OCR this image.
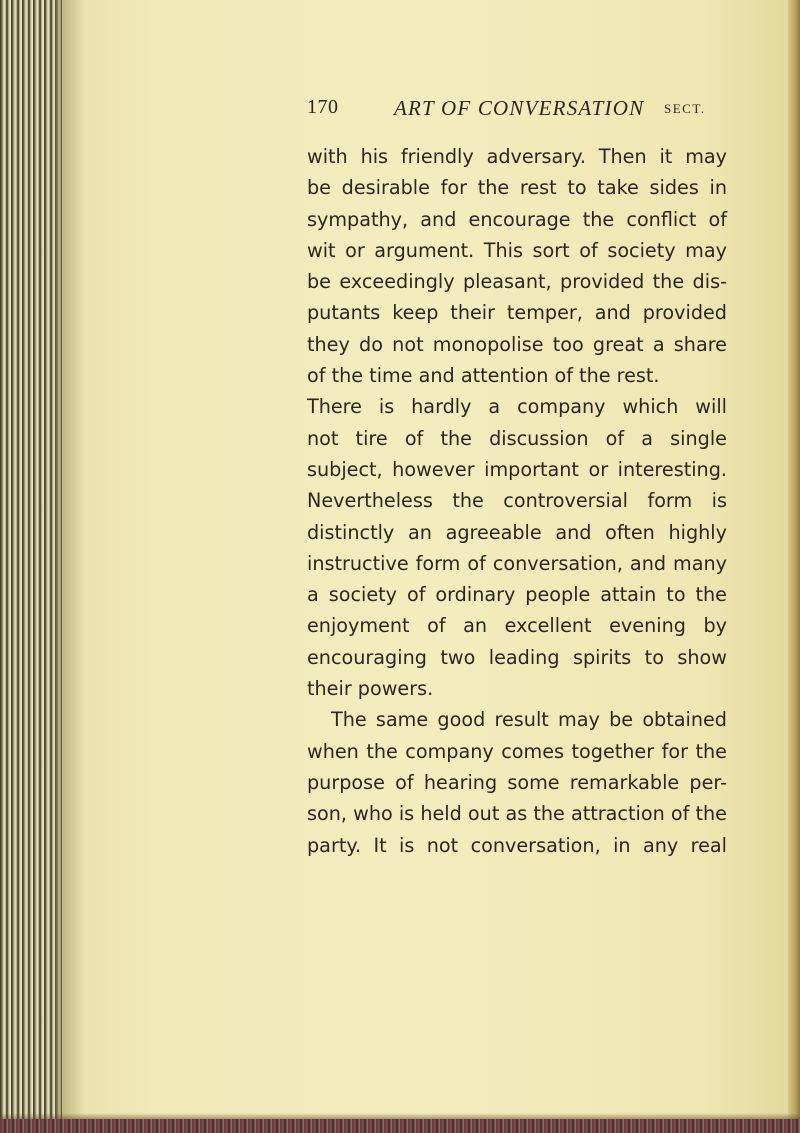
170	ART OF CONVERSATION SECT.
with his friendly adversary. Then it may
be desirable for the rest to take sides in
sympathy, and encourage the conflict of
wit or argument. This sort of society may
be exceedingly pleasant, provided the dis-
putants keep their temper, and provided
they do not monopolise too great a share
of the time and attention of the rest.
There is hardly a company which will
not tire of the discussion of a single
subject, however important or interesting.
Nevertheless the controversial form is
distinctly an agreeable and often highly
instructive form of conversation, and many
a society of ordinary people attain to the
enjoyment of an excellent evening by
encouraging two leading spirits to show
their powers.
The same good result may be obtained
when the company comes together for the
purpose of hearing some remarkable per-
son, who is held out as the attraction of the
party. It is not conversation, in any real
